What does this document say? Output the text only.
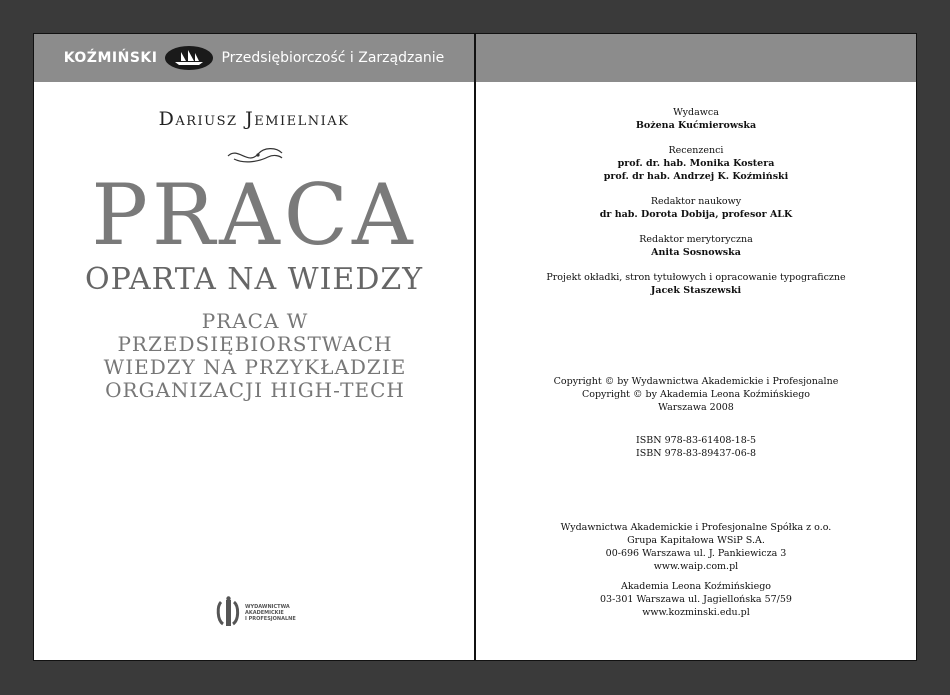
KOŹMIŃSKI	Przedsiębiorczość i Zarządzanie
Dariusz Jemielniak
PRACA
OPARTA NA WIEDZY
PRACA W PRZEDSIĘBIORSTWACH
WIEDZY NA PRZYKŁADZIE
ORGANIZACJI HIGH-TECH
WYDAWNICTWA
AKADEMICKIE
I PROFESJONALNE
Wydawca
Bożena Kućmierowska
Recenzenci
prof. dr. hab. Monika Kostera
prof. dr hab. Andrzej K. Koźmiński
Redaktor naukowy
dr hab. Dorota Dobija, profesor ALK
Redaktor merytoryczna
Anita Sosnowska
Projekt okładki, stron tytułowych i opracowanie typograficzne
Jacek Staszewski
Copyright © by Wydawnictwa Akademickie i Profesjonalne
Copyright © by Akademia Leona Koźmińskiego
Warszawa 2008
ISBN 978-83-61408-18-5
ISBN 978-83-89437-06-8
Wydawnictwa Akademickie i Profesjonalne Spółka z o.o.
Grupa Kapitałowa WSiP S.A.
00-696 Warszawa ul. J. Pankiewicza 3
www.waip.com.pl
Akademia Leona Koźmińskiego
03-301 Warszawa ul. Jagiellońska 57/59
www.kozminski.edu.pl
